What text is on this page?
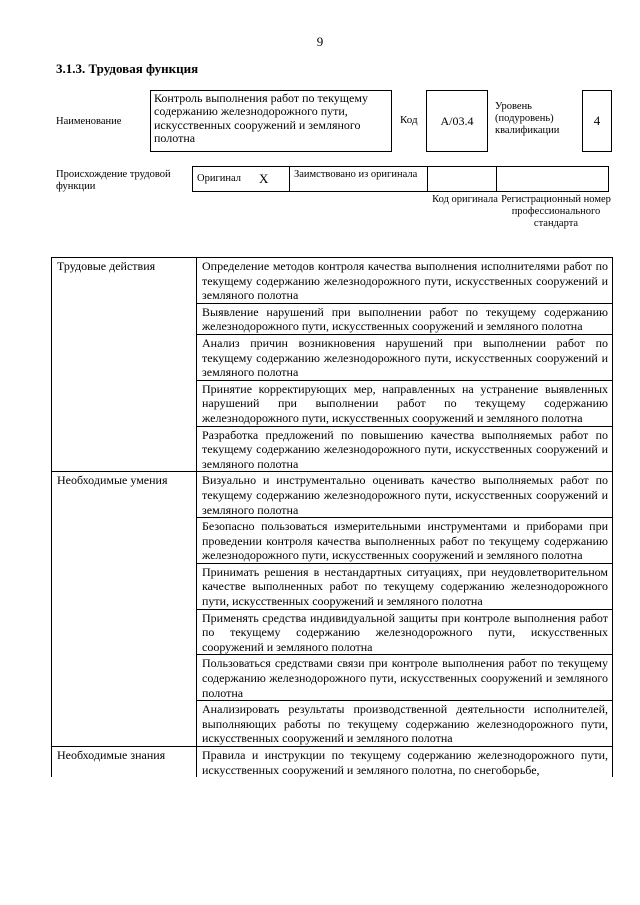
9
3.1.3. Трудовая функция
Наименование
Контроль выполнения работ по текущему содержанию железнодорожного пути, искусственных сооружений и земляного полотна
Код	A/03.4
Уровень (подуровень) квалификации
4
Происхождение трудовой функции
Оригинал X	Заимствовано из оригинала
Код оригинала Регистрационный номер профессионального стандарта
Трудовые действия	Определение методов контроля качества выполнения исполнителями работ по текущему содержанию железнодорожного пути, искусственных сооружений и земляного полотна
	Выявление нарушений при выполнении работ по текущему содержанию железнодорожного пути, искусственных сооружений и земляного полотна
	Анализ причин возникновения нарушений при выполнении работ по текущему содержанию железнодорожного пути, искусственных сооружений и земляного полотна
	Принятие корректирующих мер, направленных на устранение выявленных нарушений при выполнении работ по текущему содержанию железнодорожного пути, искусственных сооружений и земляного полотна
	Разработка предложений по повышению качества выполняемых работ по текущему содержанию железнодорожного пути, искусственных сооружений и земляного полотна
Необходимые умения	Визуально и инструментально оценивать качество выполняемых работ по текущему содержанию железнодорожного пути, искусственных сооружений и земляного полотна
	Безопасно пользоваться измерительными инструментами и приборами при проведении контроля качества выполненных работ по текущему содержанию железнодорожного пути, искусственных сооружений и земляного полотна
	Принимать решения в нестандартных ситуациях, при неудовлетворительном качестве выполненных работ по текущему содержанию железнодорожного пути, искусственных сооружений и земляного полотна
	Применять средства индивидуальной защиты при контроле выполнения работ по текущему содержанию железнодорожного пути, искусственных сооружений и земляного полотна
	Пользоваться средствами связи при контроле выполнения работ по текущему содержанию железнодорожного пути, искусственных сооружений и земляного полотна
	Анализировать результаты производственной деятельности исполнителей, выполняющих работы по текущему содержанию железнодорожного пути, искусственных сооружений и земляного полотна
Необходимые знания	Правила и инструкции по текущему содержанию железнодорожного пути, искусственных сооружений и земляного полотна, по снегоборьбе,
